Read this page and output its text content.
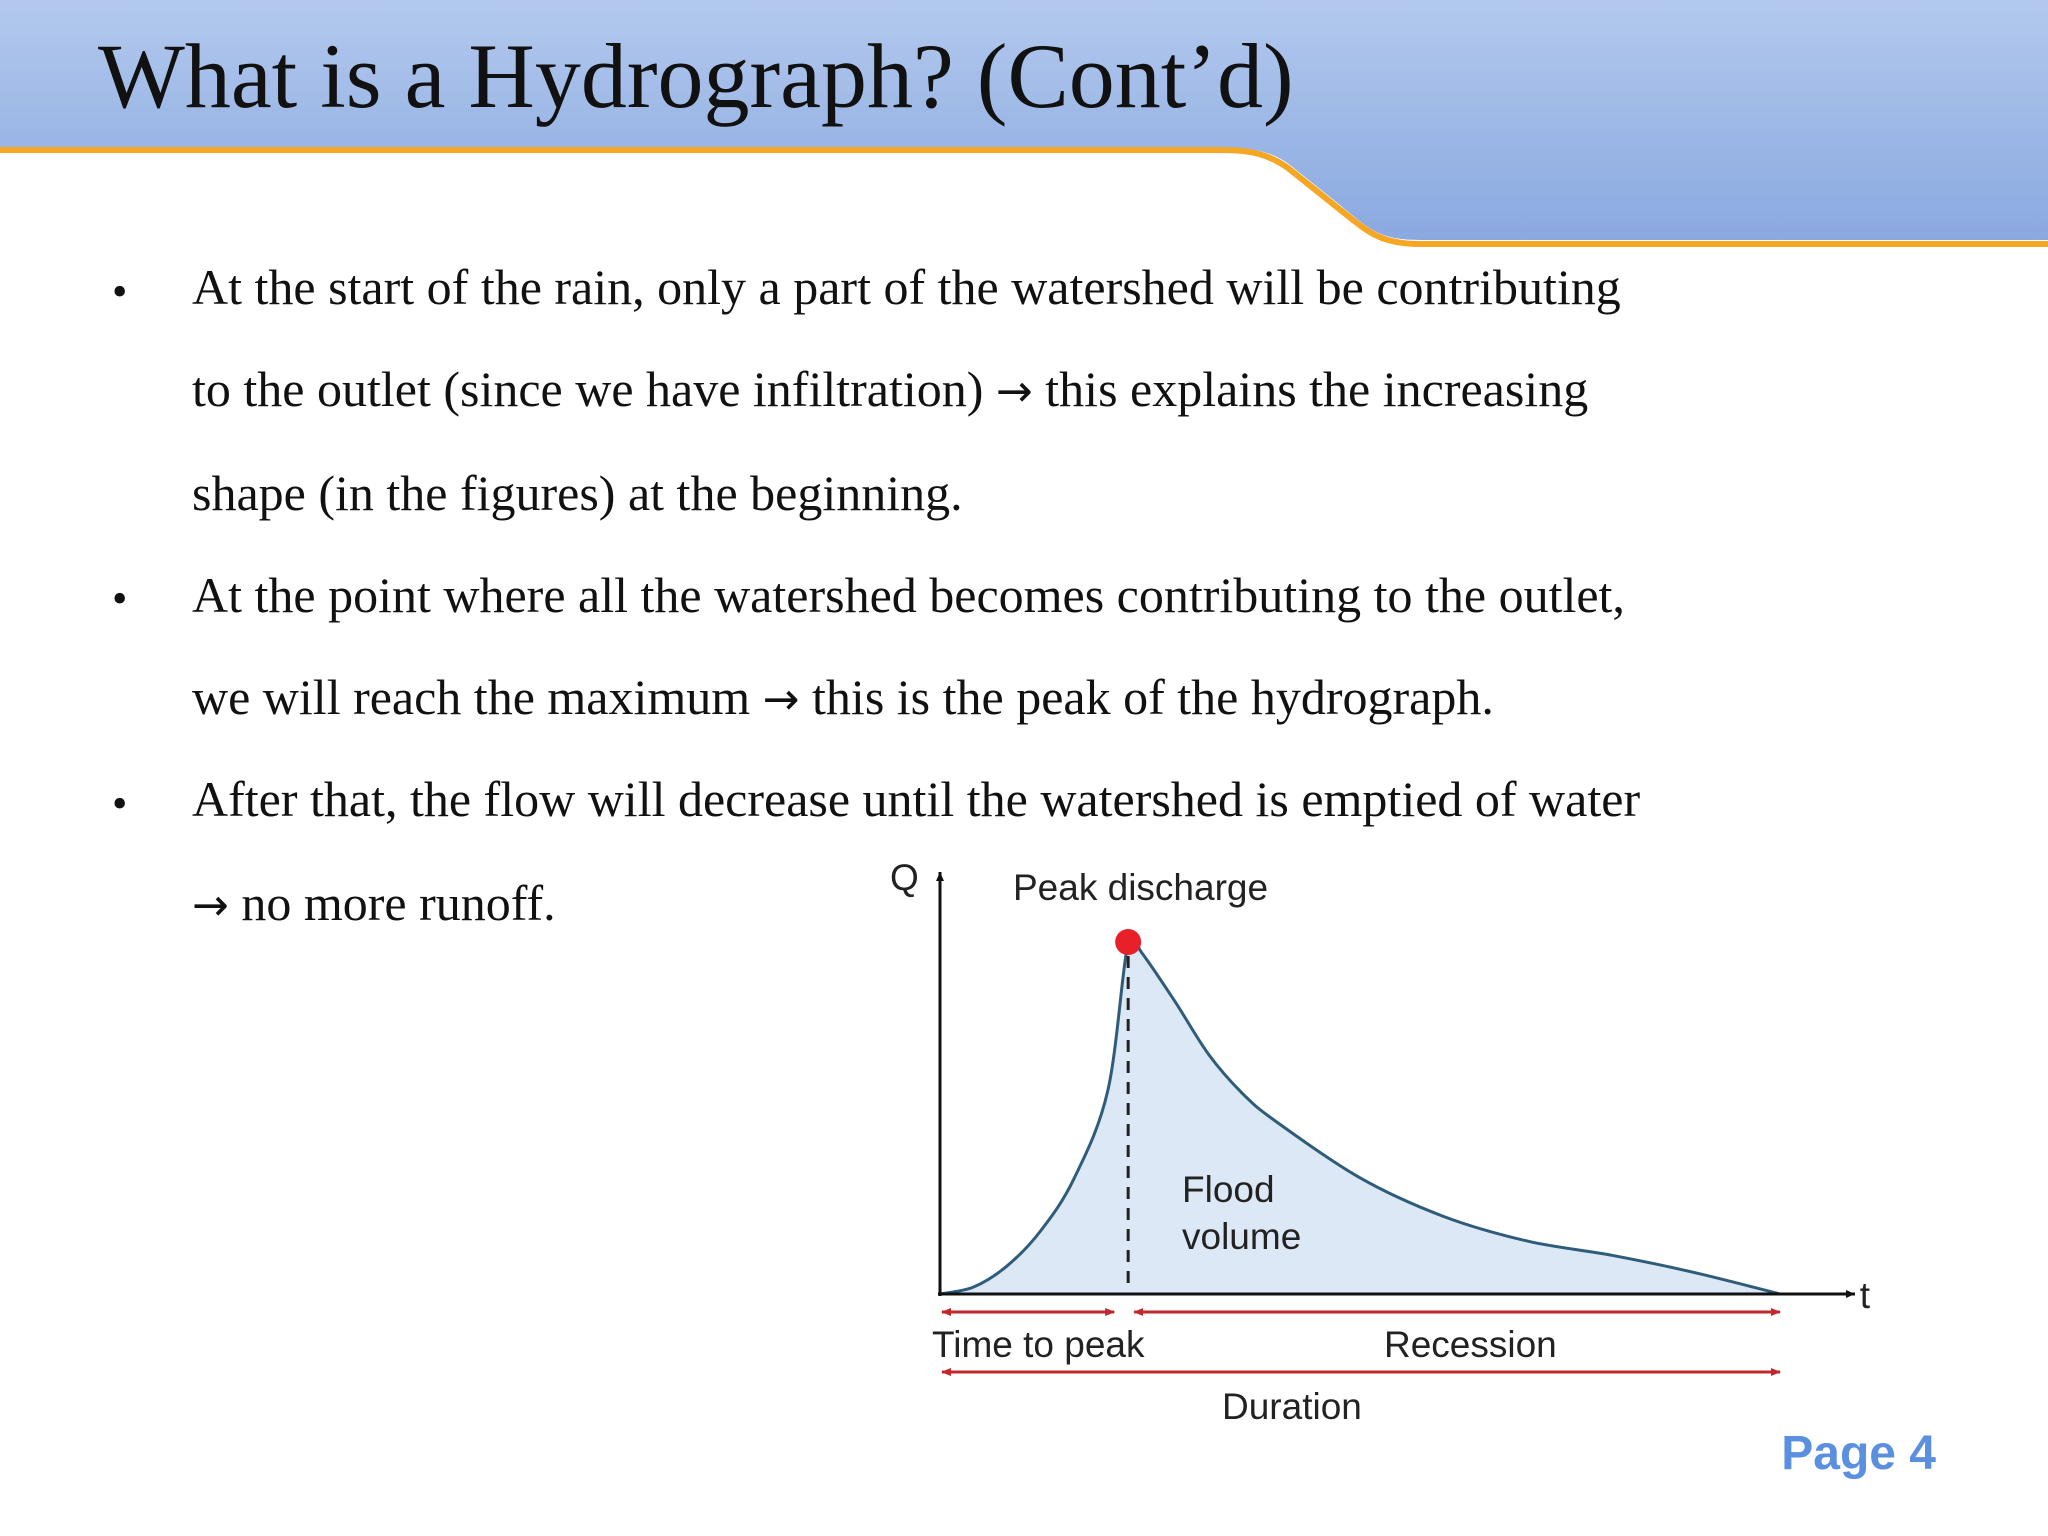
What is a Hydrograph? (Cont’d)
• At the start of the rain, only a part of the watershed will be contributing
to the outlet (since we have infiltration) → this explains the increasing
shape (in the figures) at the beginning.
• At the point where all the watershed becomes contributing to the outlet,
we will reach the maximum → this is the peak of the hydrograph.
• After that, the flow will decrease until the watershed is emptied of water
→ no more runoff.	Q
t
Peak discharge
Flood
volume
Time to peak	Recession
Duration
Page 4
